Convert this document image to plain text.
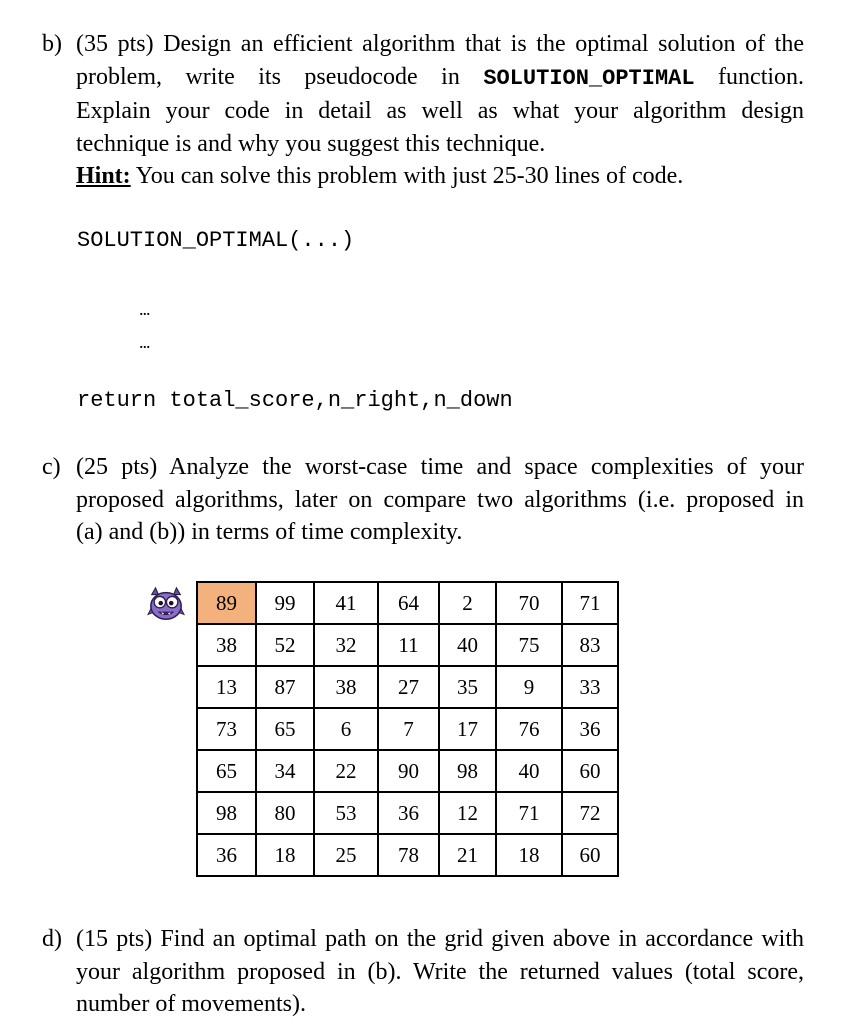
b) (35 pts) Design an efficient algorithm that is the optimal solution of the
problem, write its pseudocode in SOLUTION_OPTIMAL function.
Explain your code in detail as well as what your algorithm design
technique is and why you suggest this technique.
Hint: You can solve this problem with just 25-30 lines of code.
SOLUTION_OPTIMAL(...)
...
...
return total_score,n_right,n_down
c) (25 pts) Analyze the worst-case time and space complexities of your
proposed algorithms, later on compare two algorithms (i.e. proposed in
(a) and (b)) in terms of time complexity.
89	99	41	64	2	70	71
38	52	32	11	40	75	83
13	87	38	27	35	9	33
73	65	6	7	17	76	36
65	34	22	90	98	40	60
98	80	53	36	12	71	72
36	18	25	78	21	18	60
d) (15 pts) Find an optimal path on the grid given above in accordance with
your algorithm proposed in (b). Write the returned values (total score,
number of movements).
